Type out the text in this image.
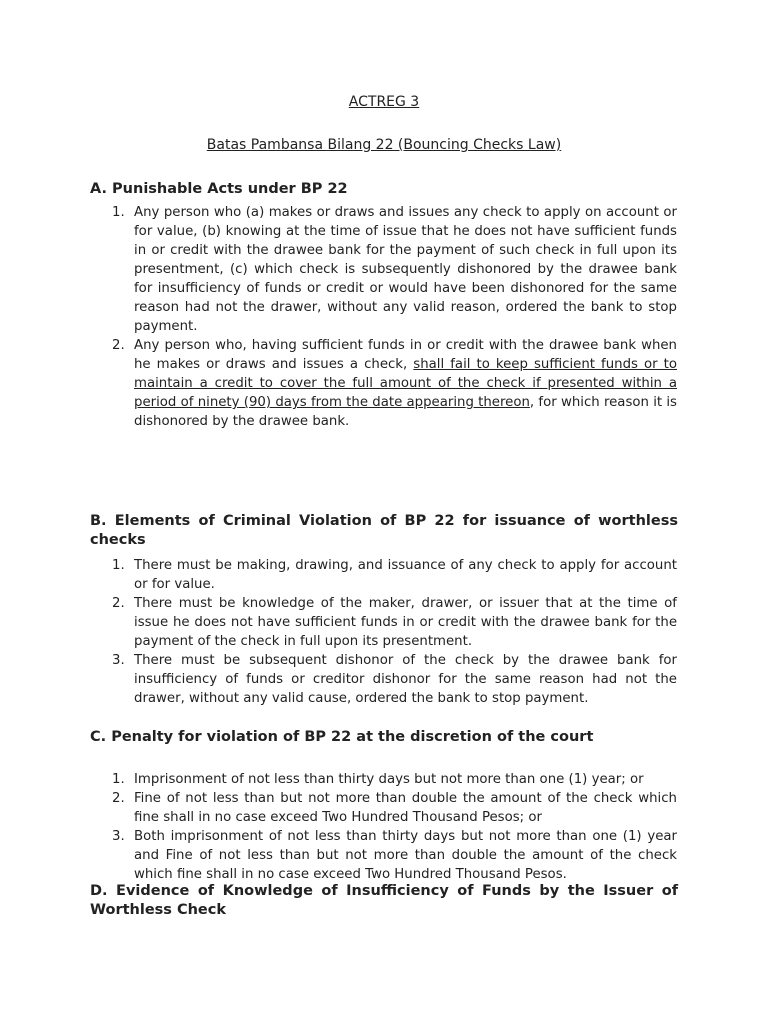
ACTREG 3

Batas Pambansa Bilang 22 (Bouncing Checks Law)

A. Punishable Acts under BP 22
1. Any person who (a) makes or draws and issues any check to apply on account or for value, (b) knowing at the time of issue that he does not have sufficient funds in or credit with the drawee bank for the payment of such check in full upon its presentment, (c) which check is subsequently dishonored by the drawee bank for insufficiency of funds or credit or would have been dishonored for the same reason had not the drawer, without any valid reason, ordered the bank to stop payment.
2. Any person who, having sufficient funds in or credit with the drawee bank when he makes or draws and issues a check, shall fail to keep sufficient funds or to maintain a credit to cover the full amount of the check if presented within a period of ninety (90) days from the date appearing thereon, for which reason it is dishonored by the drawee bank.
B. Elements of Criminal Violation of BP 22 for issuance of worthless checks
1. There must be making, drawing, and issuance of any check to apply for account or for value.
2. There must be knowledge of the maker, drawer, or issuer that at the time of issue he does not have sufficient funds in or credit with the drawee bank for the payment of the check in full upon its presentment.
3. There must be subsequent dishonor of the check by the drawee bank for insufficiency of funds or creditor dishonor for the same reason had not the drawer, without any valid cause, ordered the bank to stop payment.
C. Penalty for violation of BP 22 at the discretion of the court
1. Imprisonment of not less than thirty days but not more than one (1) year; or
2. Fine of not less than but not more than double the amount of the check which fine shall in no case exceed Two Hundred Thousand Pesos; or
3. Both imprisonment of not less than thirty days but not more than one (1) year and Fine of not less than but not more than double the amount of the check which fine shall in no case exceed Two Hundred Thousand Pesos.
D. Evidence of Knowledge of Insufficiency of Funds by the Issuer of Worthless Check
